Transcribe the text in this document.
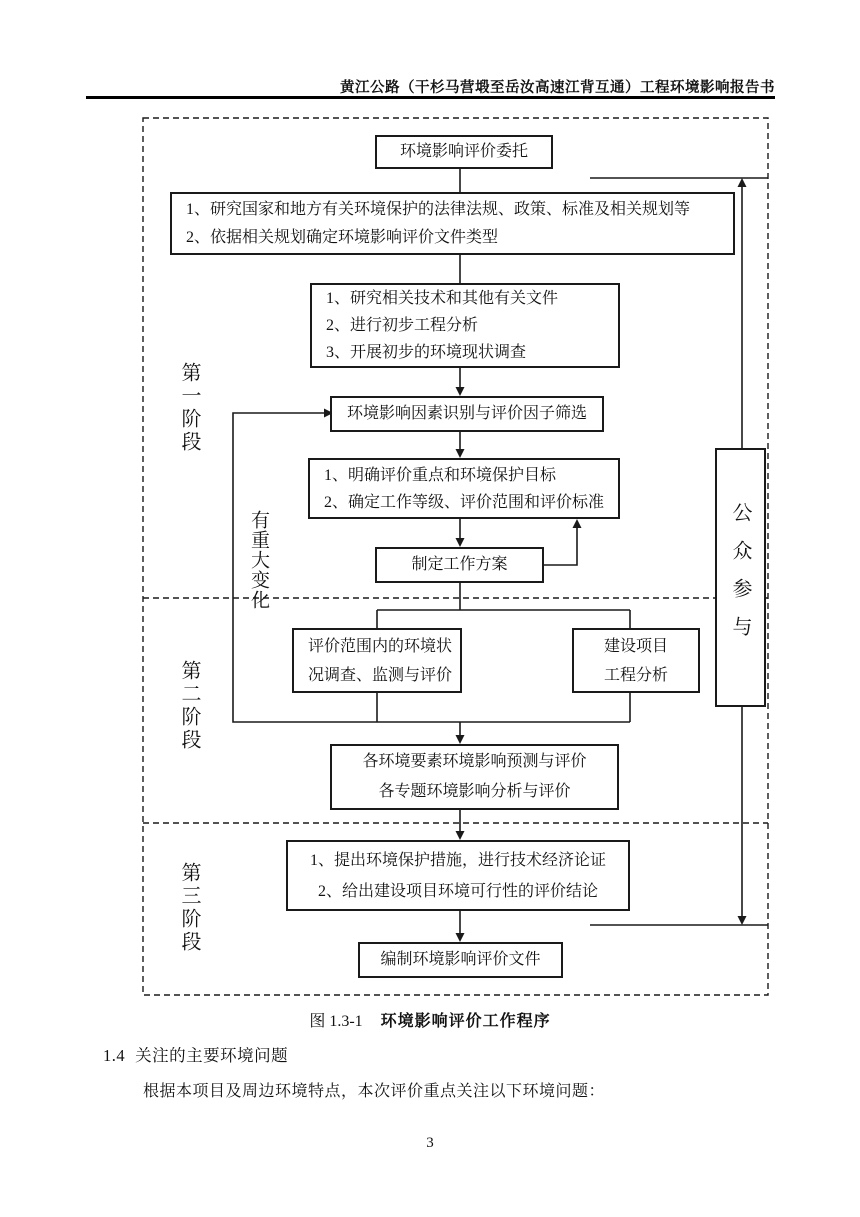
黄江公路（干杉马营塅至岳汝高速江背互通）工程环境影响报告书
环境影响评价委托
1、研究国家和地方有关环境保护的法律法规、政策、标准及相关规划等
2、依据相关规划确定环境影响评价文件类型
1、研究相关技术和其他有关文件
2、进行初步工程分析
3、开展初步的环境现状调查
环境影响因素识别与评价因子筛选
1、明确评价重点和环境保护目标
2、确定工作等级、评价范围和评价标准
制定工作方案
评价范围内的环境状
况调查、监测与评价
建设项目
工程分析
各环境要素环境影响预测与评价
各专题环境影响分析与评价
1、提出环境保护措施，进行技术经济论证
2、给出建设项目环境可行性的评价结论
编制环境影响评价文件
第一阶段
第二阶段
第三阶段
有重大变化	公众参与
图 1.3-1 环境影响评价工作程序
1.4 关注的主要环境问题
根据本项目及周边环境特点，本次评价重点关注以下环境问题：
3
